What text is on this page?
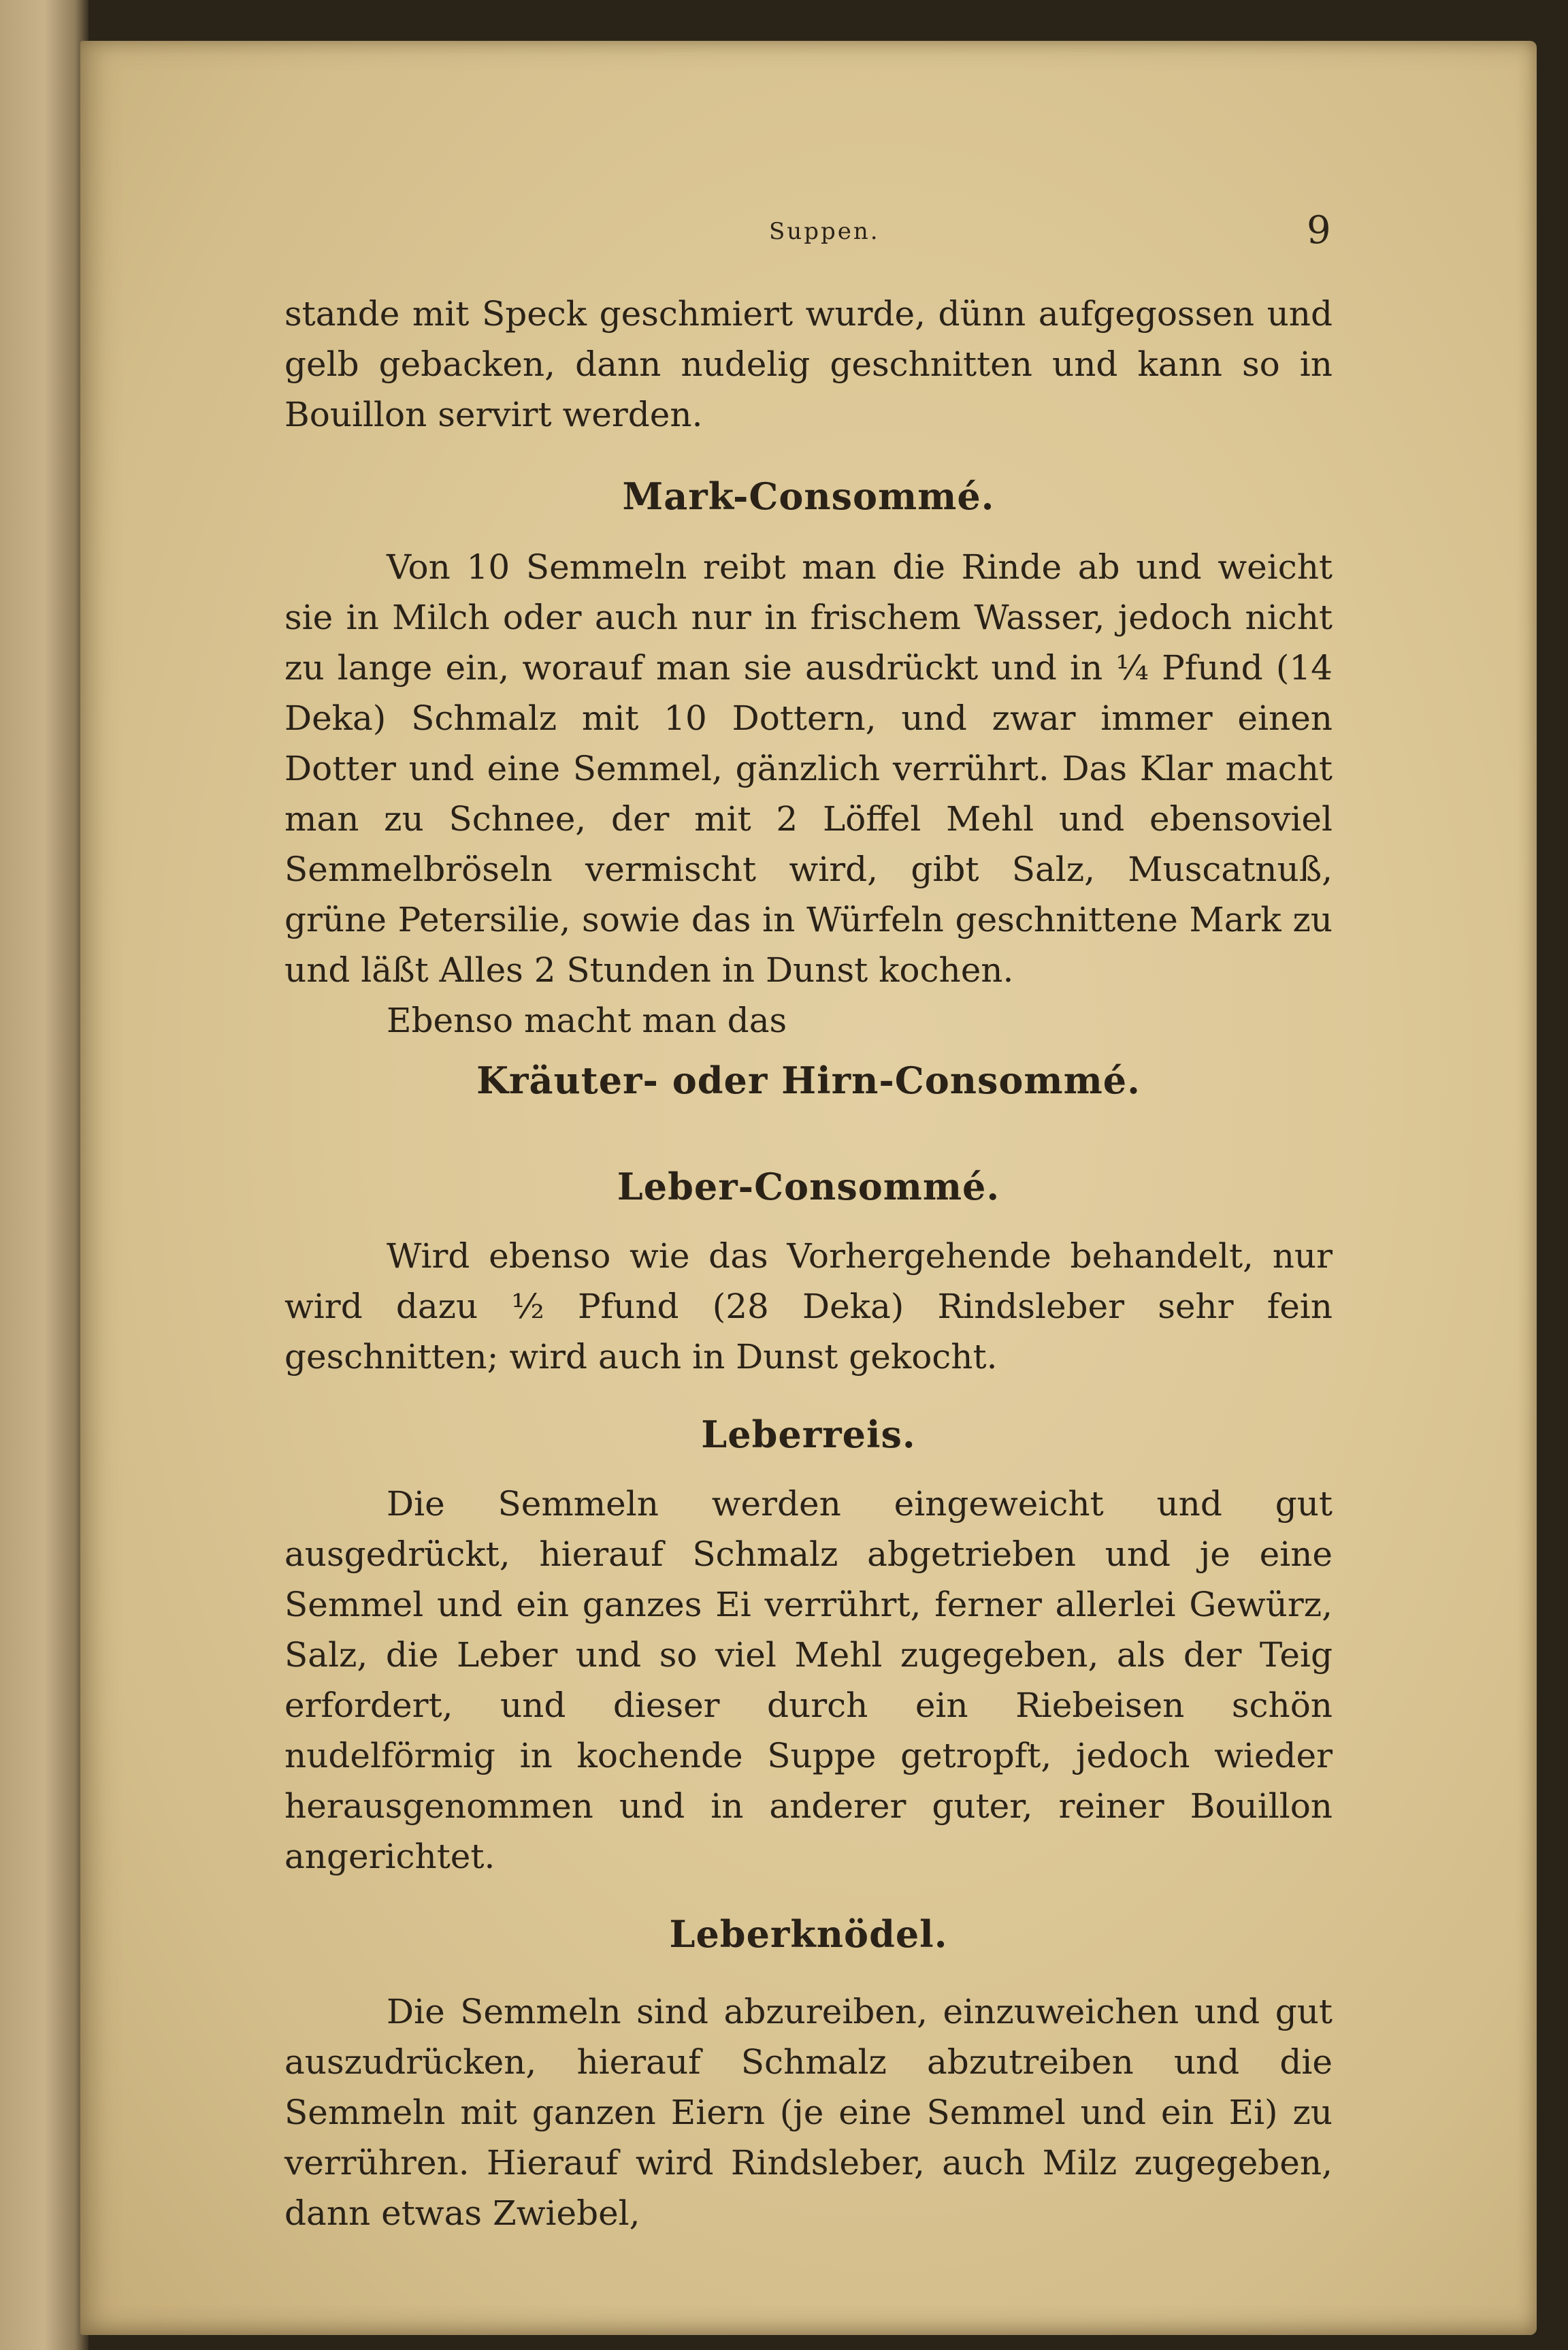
Suppen.	9

stande mit Speck geschmiert wurde, dünn aufgegossen und gelb gebacken, dann nudelig geschnitten und kann so in Bouillon servirt werden.

Mark-Consommé.

Von 10 Semmeln reibt man die Rinde ab und weicht sie in Milch oder auch nur in frischem Wasser, jedoch nicht zu lange ein, worauf man sie ausdrückt und in ¼ Pfund (14 Deka) Schmalz mit 10 Dottern, und zwar immer einen Dotter und eine Semmel, gänzlich verrührt. Das Klar macht man zu Schnee, der mit 2 Löffel Mehl und ebensoviel Semmelbröseln vermischt wird, gibt Salz, Muscatnuß, grüne Petersilie, sowie das in Würfeln geschnittene Mark zu und läßt Alles 2 Stunden in Dunst kochen.

Ebenso macht man das

Kräuter- oder Hirn-Consommé.
Leber-Consommé.

Wird ebenso wie das Vorhergehende behandelt, nur wird dazu ½ Pfund (28 Deka) Rindsleber sehr fein geschnitten; wird auch in Dunst gekocht.

Leberreis.

Die Semmeln werden eingeweicht und gut ausgedrückt, hierauf Schmalz abgetrieben und je eine Semmel und ein ganzes Ei verrührt, ferner allerlei Gewürz, Salz, die Leber und so viel Mehl zugegeben, als der Teig erfordert, und dieser durch ein Riebeisen schön nudelförmig in kochende Suppe getropft, jedoch wieder herausgenommen und in anderer guter, reiner Bouillon angerichtet.

Leberknödel.

Die Semmeln sind abzureiben, einzuweichen und gut auszudrücken, hierauf Schmalz abzutreiben und die Semmeln mit ganzen Eiern (je eine Semmel und ein Ei) zu verrühren. Hierauf wird Rindsleber, auch Milz zugegeben, dann etwas Zwiebel,
